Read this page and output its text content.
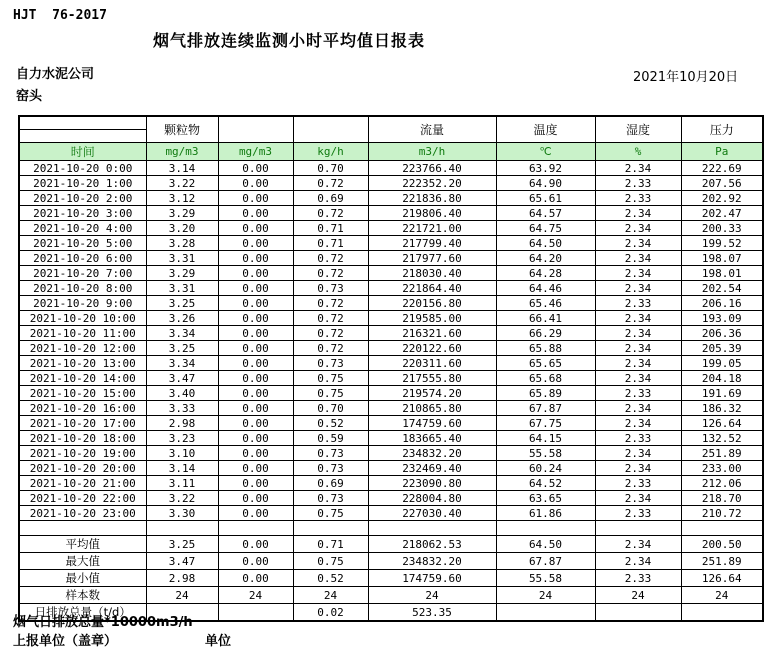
HJT  76-2017
烟气排放连续监测小时平均值日报表
自力水泥公司
窑头
2021年10月20日
	颗粒物			流量	温度	湿度	压力
时间	mg/m3	mg/m3	kg/h	m3/h	℃	%	Pa
2021-10-20 0:00	3.14	0.00	0.70	223766.40	63.92	2.34	222.69
2021-10-20 1:00	3.22	0.00	0.72	222352.20	64.90	2.33	207.56
2021-10-20 2:00	3.12	0.00	0.69	221836.80	65.61	2.33	202.92
2021-10-20 3:00	3.29	0.00	0.72	219806.40	64.57	2.34	202.47
2021-10-20 4:00	3.20	0.00	0.71	221721.00	64.75	2.34	200.33
2021-10-20 5:00	3.28	0.00	0.71	217799.40	64.50	2.34	199.52
2021-10-20 6:00	3.31	0.00	0.72	217977.60	64.20	2.34	198.07
2021-10-20 7:00	3.29	0.00	0.72	218030.40	64.28	2.34	198.01
2021-10-20 8:00	3.31	0.00	0.73	221864.40	64.46	2.34	202.54
2021-10-20 9:00	3.25	0.00	0.72	220156.80	65.46	2.33	206.16
2021-10-20 10:00	3.26	0.00	0.72	219585.00	66.41	2.34	193.09
2021-10-20 11:00	3.34	0.00	0.72	216321.60	66.29	2.34	206.36
2021-10-20 12:00	3.25	0.00	0.72	220122.60	65.88	2.34	205.39
2021-10-20 13:00	3.34	0.00	0.73	220311.60	65.65	2.34	199.05
2021-10-20 14:00	3.47	0.00	0.75	217555.80	65.68	2.34	204.18
2021-10-20 15:00	3.40	0.00	0.75	219574.20	65.89	2.33	191.69
2021-10-20 16:00	3.33	0.00	0.70	210865.80	67.87	2.34	186.32
2021-10-20 17:00	2.98	0.00	0.52	174759.60	67.75	2.34	126.64
2021-10-20 18:00	3.23	0.00	0.59	183665.40	64.15	2.33	132.52
2021-10-20 19:00	3.10	0.00	0.73	234832.20	55.58	2.34	251.89
2021-10-20 20:00	3.14	0.00	0.73	232469.40	60.24	2.34	233.00
2021-10-20 21:00	3.11	0.00	0.69	223090.80	64.52	2.33	212.06
2021-10-20 22:00	3.22	0.00	0.73	228004.80	63.65	2.34	218.70
2021-10-20 23:00	3.30	0.00	0.75	227030.40	61.86	2.33	210.72

平均值	3.25	0.00	0.71	218062.53	64.50	2.34	200.50
最大值	3.47	0.00	0.75	234832.20	67.87	2.34	251.89
最小值	2.98	0.00	0.52	174759.60	55.58	2.33	126.64
样本数	24	24	24	24	24	24	24
日排放总量（t/d）			0.02	523.35			
烟气日排放总量*10000m3/h
上报单位（盖章）	单位
